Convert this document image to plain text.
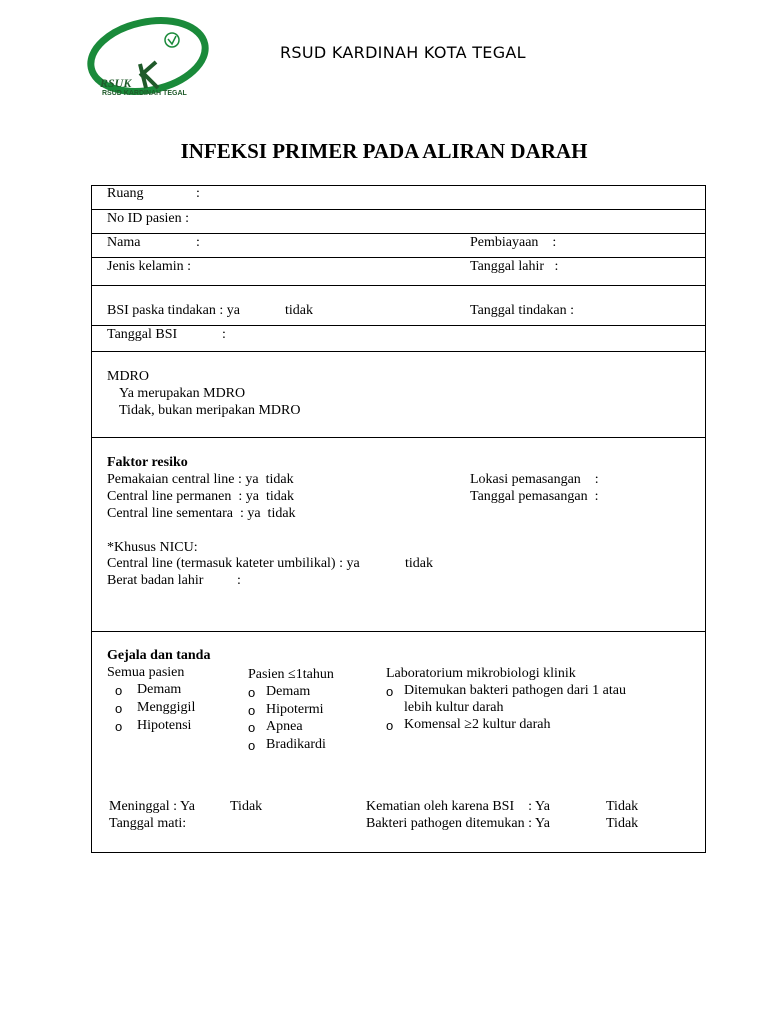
RSUK
RSUD KARDINAH TEGAL
RSUD KARDINAH KOTA TEGAL
INFEKSI PRIMER PADA ALIRAN DARAH
Ruang	:
No ID pasien :
Nama	:	Pembiayaan    :
Jenis kelamin :	Tanggal lahir   :
BSI paska tindakan : ya	tidak	Tanggal tindakan :
Tanggal BSI	:
MDRO
Ya merupakan MDRO
Tidak, bukan meripakan MDRO
Faktor resiko
Pemakaian central line : ya  tidak
Central line permanen  : ya  tidak
Central line sementara  : ya  tidak
Lokasi pemasangan    :
Tanggal pemasangan  :
*Khusus NICU:
Central line (termasuk kateter umbilikal) : ya	tidak
Berat badan lahir :
Gejala dan tanda
Semua pasien
o Demam
o Menggigil
o Hipotensi
Pasien ≤1tahun
o Demam
o Hipotermi
o Apnea
o Bradikardi
Laboratorium mikrobiologi klinik
o Ditemukan bakteri pathogen dari 1 atau
lebih kultur darah
o Komensal ≥2 kultur darah
Meninggal : Ya	Tidak
Tanggal mati:
Kematian oleh karena BSI    : Ya	Tidak
Bakteri pathogen ditemukan : Ya	Tidak
